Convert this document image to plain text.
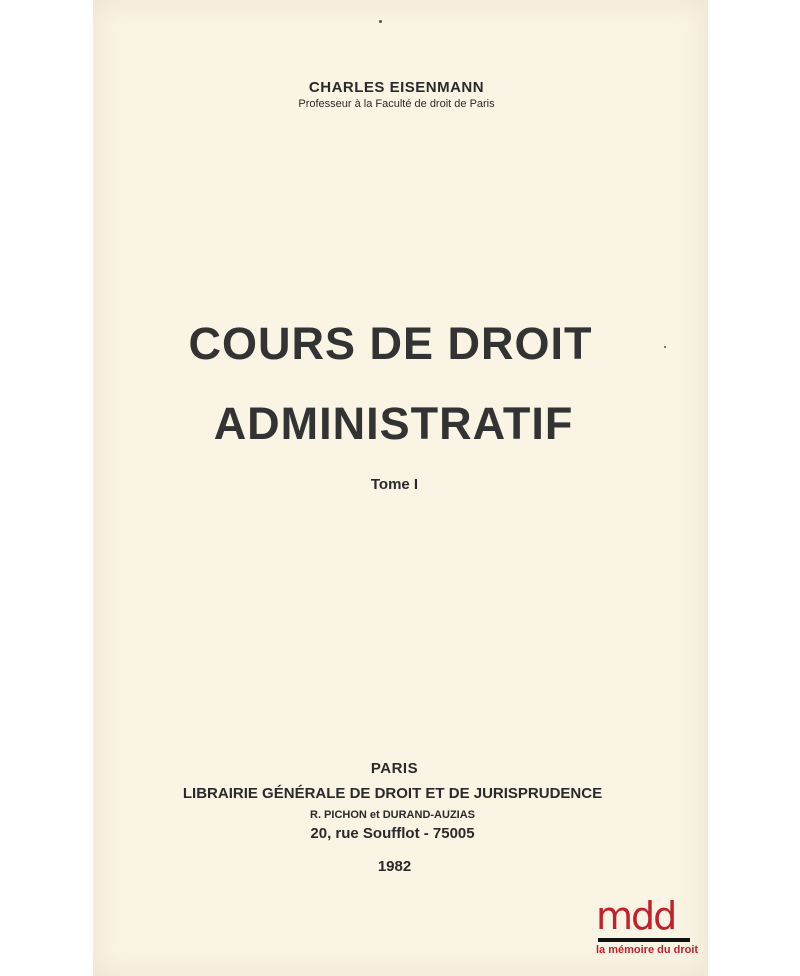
CHARLES EISENMANN
Professeur à la Faculté de droit de Paris
COURS DE DROIT
ADMINISTRATIF
Tome I
PARIS
LIBRAIRIE GÉNÉRALE DE DROIT ET DE JURISPRUDENCE
R. PICHON et DURAND-AUZIAS
20, rue Soufflot - 75005
1982
mdd
la mémoire du droit
